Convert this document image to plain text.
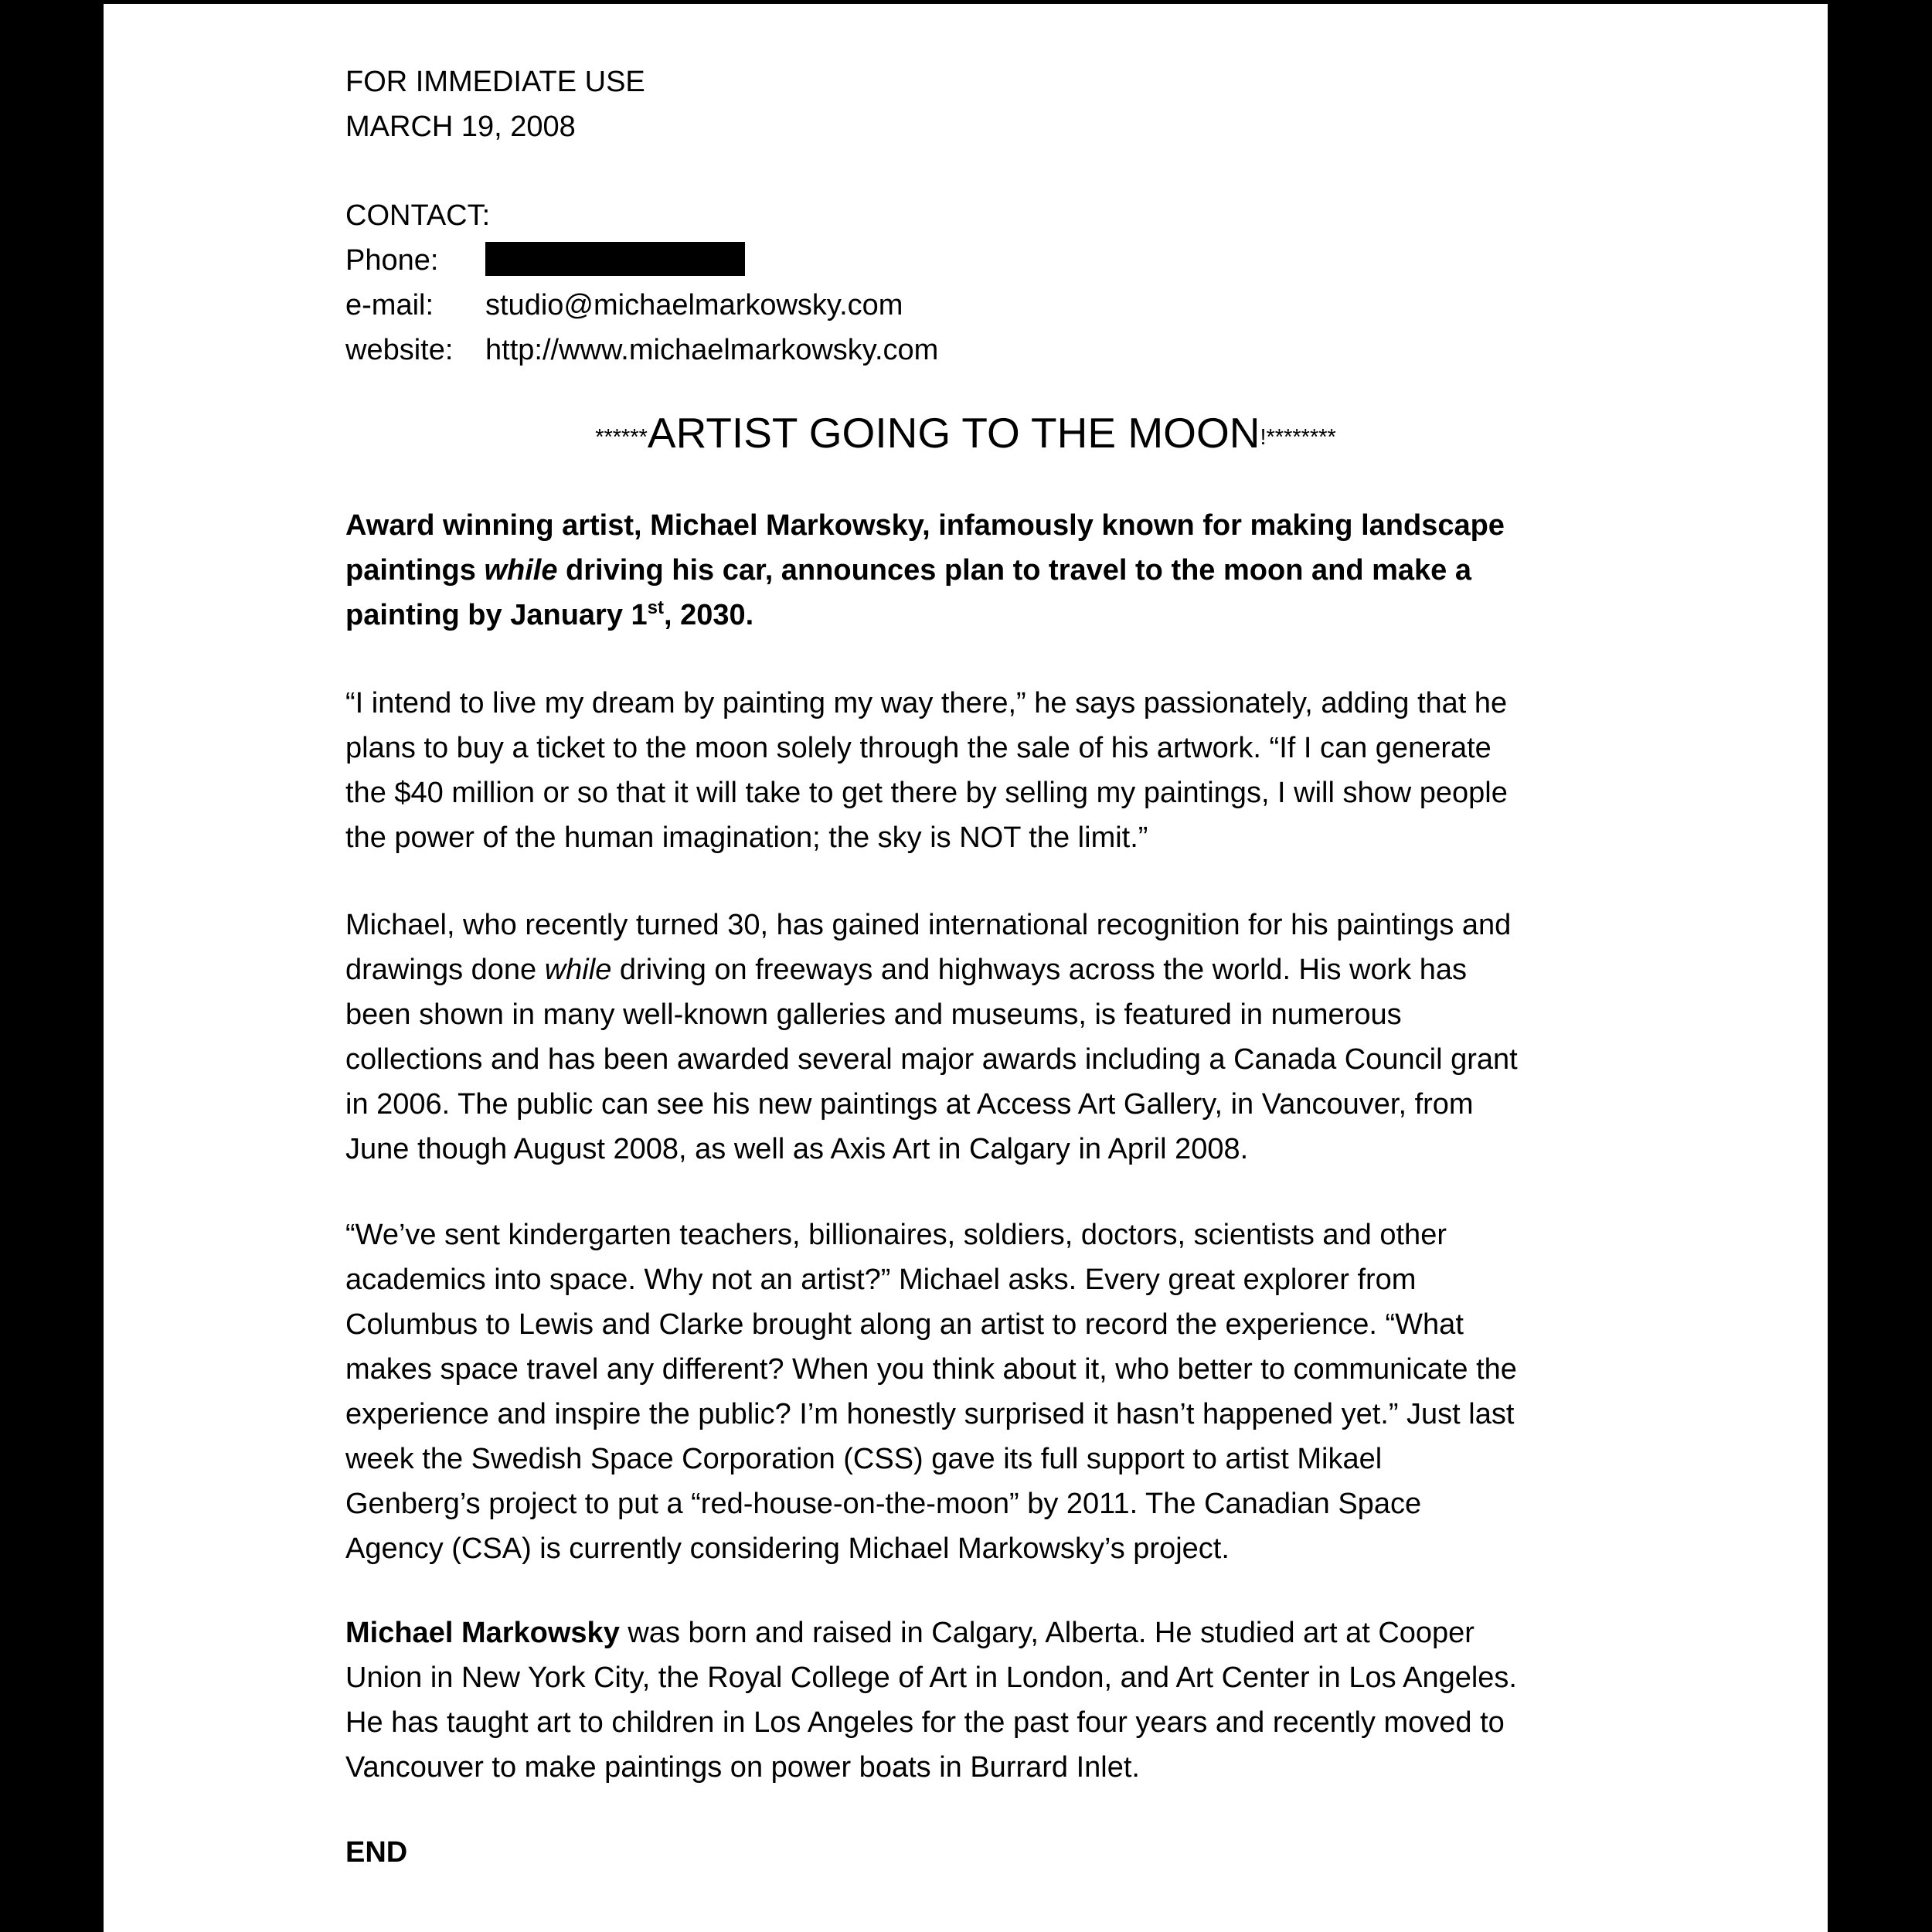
FOR IMMEDIATE USE
MARCH 19, 2008
CONTACT:
Phone:
e-mail: studio@michaelmarkowsky.com
website: http://www.michaelmarkowsky.com
******ARTIST GOING TO THE MOON!********
Award winning artist, Michael Markowsky, infamously known for making landscape
paintings while driving his car, announces plan to travel to the moon and make a
painting by January 1st, 2030.
“I intend to live my dream by painting my way there,” he says passionately, adding that he
plans to buy a ticket to the moon solely through the sale of his artwork. “If I can generate
the $40 million or so that it will take to get there by selling my paintings, I will show people
the power of the human imagination; the sky is NOT the limit.”
Michael, who recently turned 30, has gained international recognition for his paintings and
drawings done while driving on freeways and highways across the world. His work has
been shown in many well-known galleries and museums, is featured in numerous
collections and has been awarded several major awards including a Canada Council grant
in 2006. The public can see his new paintings at Access Art Gallery, in Vancouver, from
June though August 2008, as well as Axis Art in Calgary in April 2008.
“We’ve sent kindergarten teachers, billionaires, soldiers, doctors, scientists and other
academics into space. Why not an artist?” Michael asks. Every great explorer from
Columbus to Lewis and Clarke brought along an artist to record the experience. “What
makes space travel any different? When you think about it, who better to communicate the
experience and inspire the public? I’m honestly surprised it hasn’t happened yet.” Just last
week the Swedish Space Corporation (CSS) gave its full support to artist Mikael
Genberg’s project to put a “red-house-on-the-moon” by 2011. The Canadian Space
Agency (CSA) is currently considering Michael Markowsky’s project.
Michael Markowsky was born and raised in Calgary, Alberta. He studied art at Cooper
Union in New York City, the Royal College of Art in London, and Art Center in Los Angeles.
He has taught art to children in Los Angeles for the past four years and recently moved to
Vancouver to make paintings on power boats in Burrard Inlet.
END
